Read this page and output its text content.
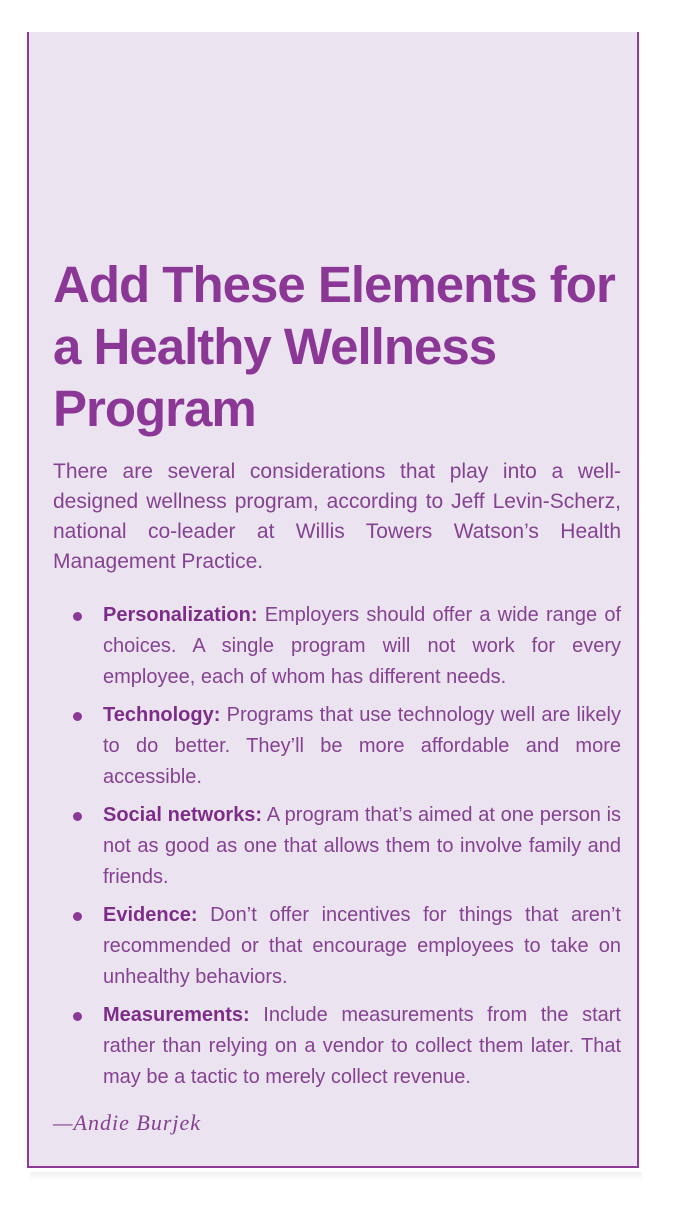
Add These Elements for a Healthy Wellness Program

There are several considerations that play into a well-designed wellness program, according to Jeff Levin-Scherz, national co-leader at Willis Towers Watson’s Health Management Practice.

Personalization: Employers should offer a wide range of choices. A single program will not work for every employee, each of whom has different needs.
Technology: Programs that use technology well are likely to do better. They’ll be more affordable and more accessible.
Social networks: A program that’s aimed at one person is not as good as one that allows them to involve family and friends.
Evidence: Don’t offer incentives for things that aren’t recommended or that encourage employees to take on unhealthy behaviors.
Measurements: Include measurements from the start rather than relying on a vendor to collect them later. That may be a tactic to merely collect revenue.

—Andie Burjek
